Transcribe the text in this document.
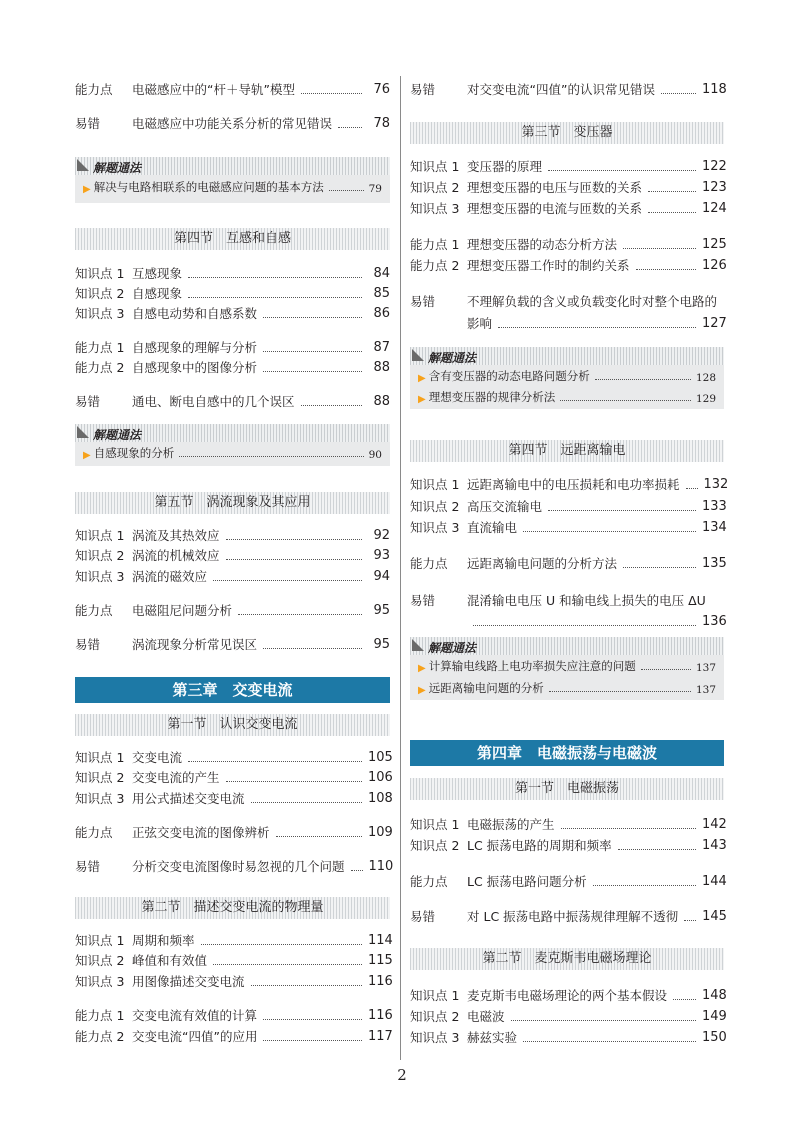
能力点	电磁感应中的“杆＋导轨”模型	76
易错	电磁感应中功能关系分析的常见错误	78
解题通法
▶ 解决与电路相联系的电磁感应问题的基本方法	79
第四节　互感和自感
知识点 1 互感现象	84
知识点 2 自感现象	85
知识点 3 自感电动势和自感系数	86
能力点 1 自感现象的理解与分析	87
能力点 2 自感现象中的图像分析	88
易错	通电、断电自感中的几个误区	88
解题通法
▶ 自感现象的分析	90
第五节　涡流现象及其应用
知识点 1 涡流及其热效应	92
知识点 2 涡流的机械效应	93
知识点 3 涡流的磁效应	94
能力点	电磁阻尼问题分析	95
易错	涡流现象分析常见误区	95
第三章　交变电流
第一节　认识交变电流
知识点 1 交变电流	105
知识点 2 交变电流的产生	106
知识点 3 用公式描述交变电流	108
能力点	正弦交变电流的图像辨析	109
易错	分析交变电流图像时易忽视的几个问题 110
第二节　描述交变电流的物理量
知识点 1 周期和频率	114
知识点 2 峰值和有效值	115
知识点 3 用图像描述交变电流	116
能力点 1 交变电流有效值的计算	116
能力点 2 交变电流“四值”的应用	117
易错	对交变电流“四值”的认识常见错误	118
第三节　变压器
知识点 1 变压器的原理	122
知识点 2 理想变压器的电压与匝数的关系	123
知识点 3 理想变压器的电流与匝数的关系	124
能力点 1 理想变压器的动态分析方法	125
能力点 2 理想变压器工作时的制约关系	126
易错	不理解负载的含义或负载变化时对整个电路的
影响	127
解题通法
▶ 含有变压器的动态电路问题分析	128
▶ 理想变压器的规律分析法	129
第四节　远距离输电
知识点 1 远距离输电中的电压损耗和电功率损耗 132
知识点 2 高压交流输电	133
知识点 3 直流输电	134
能力点	远距离输电问题的分析方法	135
易错	混淆输电电压 U 和输电线上损失的电压 ΔU
136
解题通法
▶ 计算输电线路上电功率损失应注意的问题	137
▶ 远距离输电问题的分析	137
第四章　电磁振荡与电磁波
第一节　电磁振荡
知识点 1 电磁振荡的产生	142
知识点 2 LC 振荡电路的周期和频率	143
能力点	LC 振荡电路问题分析	144
易错	对 LC 振荡电路中振荡规律理解不透彻 145
第二节　麦克斯韦电磁场理论
知识点 1 麦克斯韦电磁场理论的两个基本假设	148
知识点 2 电磁波	149
知识点 3 赫兹实验	150
2
